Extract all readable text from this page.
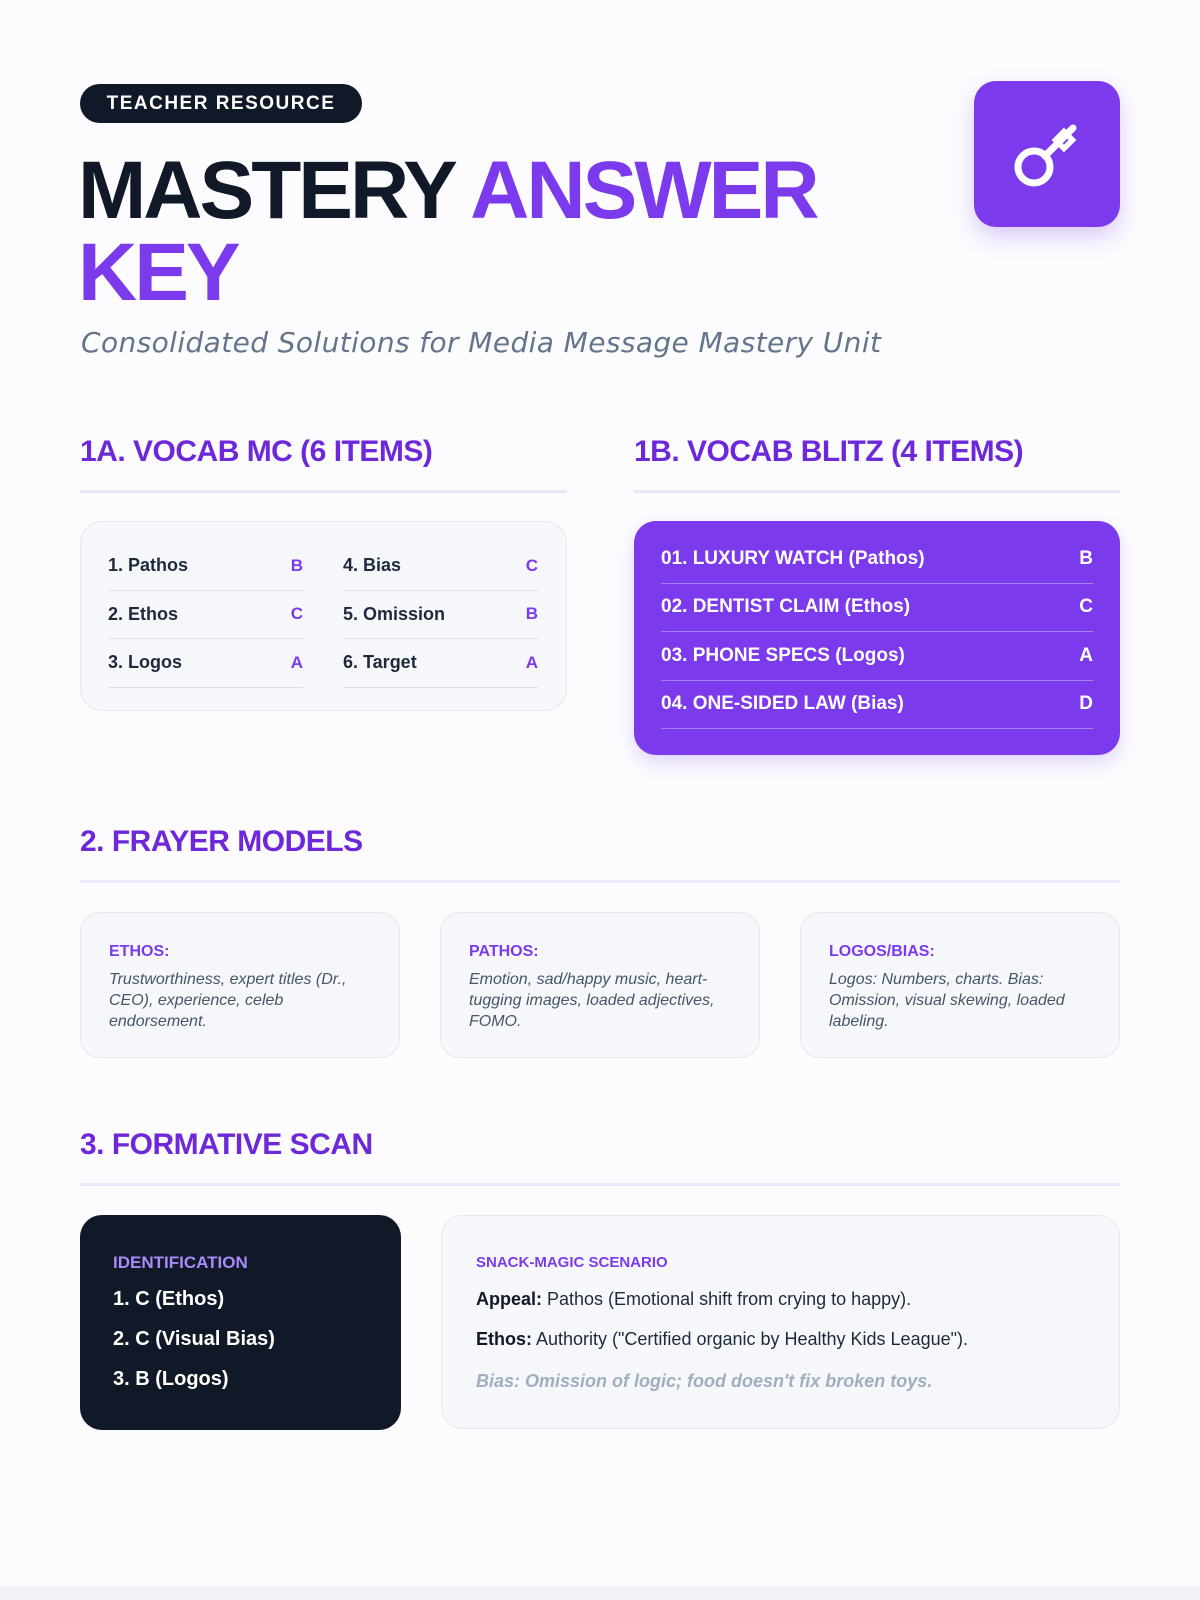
TEACHER RESOURCE
MASTERY ANSWER KEY
Consolidated Solutions for Media Message Mastery Unit
1A. VOCAB MC (6 ITEMS)
1. Pathos	B
2. Ethos	C
3. Logos	A
4. Bias	C
5. Omission	B
6. Target	A
1B. VOCAB BLITZ (4 ITEMS)
01. LUXURY WATCH (Pathos)	B
02. DENTIST CLAIM (Ethos)	C
03. PHONE SPECS (Logos)	A
04. ONE-SIDED LAW (Bias)	D
2. FRAYER MODELS
ETHOS:
Trustworthiness, expert titles (Dr., CEO), experience, celeb endorsement.
PATHOS:
Emotion, sad/happy music, heart-tugging images, loaded adjectives, FOMO.
LOGOS/BIAS:
Logos: Numbers, charts. Bias: Omission, visual skewing, loaded labeling.
3. FORMATIVE SCAN
IDENTIFICATION
1. C (Ethos)
2. C (Visual Bias)
3. B (Logos)
SNACK-MAGIC SCENARIO
Appeal: Pathos (Emotional shift from crying to happy).
Ethos: Authority ("Certified organic by Healthy Kids League").
Bias: Omission of logic; food doesn't fix broken toys.
